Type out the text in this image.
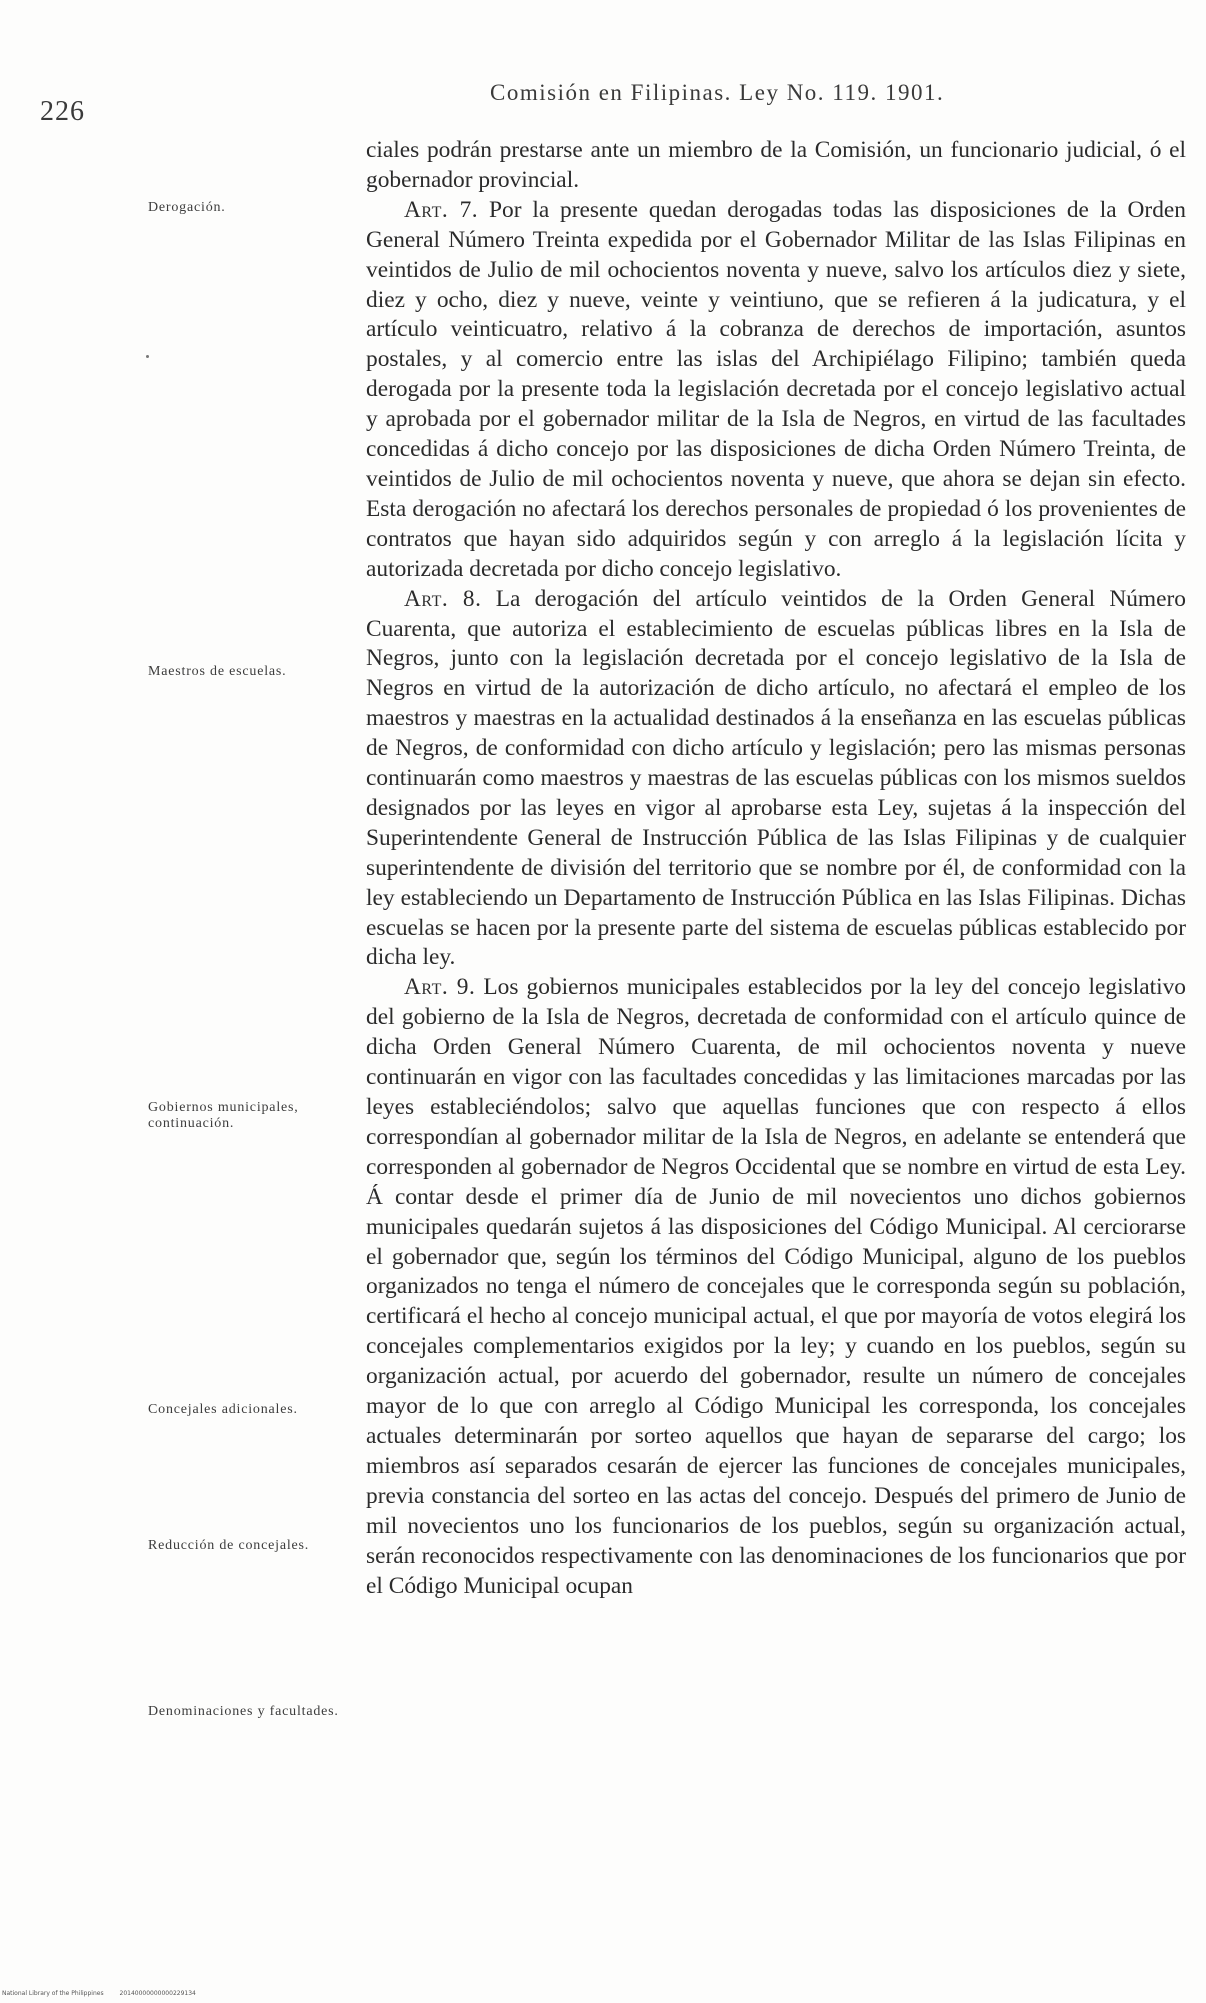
226
Comisión en Filipinas. Ley No. 119. 1901.
Derogación.
Maestros de escuelas.
Gobiernos municipales, continuación.
Concejales adicionales.
Reducción de concejales.
Denominaciones y facultades.

ciales podrán prestarse ante un miembro de la Comisión, un funcionario judicial, ó el gobernador provincial.

Art. 7. Por la presente quedan derogadas todas las disposiciones de la Orden General Número Treinta expedida por el Gobernador Militar de las Islas Filipinas en veintidos de Julio de mil ochocientos noventa y nueve, salvo los artículos diez y siete, diez y ocho, diez y nueve, veinte y veintiuno, que se refieren á la judicatura, y el artículo veinticuatro, relativo á la cobranza de derechos de importación, asuntos postales, y al comercio entre las islas del Archipiélago Filipino; también queda derogada por la presente toda la legislación decretada por el concejo legislativo actual y aprobada por el gobernador militar de la Isla de Negros, en virtud de las facultades concedidas á dicho concejo por las disposiciones de dicha Orden Número Treinta, de veintidos de Julio de mil ochocientos noventa y nueve, que ahora se dejan sin efecto. Esta derogación no afectará los derechos personales de propiedad ó los provenientes de contratos que hayan sido adquiridos según y con arreglo á la legislación lícita y autorizada decretada por dicho concejo legislativo.

Art. 8. La derogación del artículo veintidos de la Orden General Número Cuarenta, que autoriza el establecimiento de escuelas públicas libres en la Isla de Negros, junto con la legislación decretada por el concejo legislativo de la Isla de Negros en virtud de la autorización de dicho artículo, no afectará el empleo de los maestros y maestras en la actualidad destinados á la enseñanza en las escuelas públicas de Negros, de conformidad con dicho artículo y legislación; pero las mismas personas continuarán como maestros y maestras de las escuelas públicas con los mismos sueldos designados por las leyes en vigor al aprobarse esta Ley, sujetas á la inspección del Superintendente General de Instrucción Pública de las Islas Filipinas y de cualquier superintendente de división del territorio que se nombre por él, de conformidad con la ley estableciendo un Departamento de Instrucción Pública en las Islas Filipinas. Dichas escuelas se hacen por la presente parte del sistema de escuelas públicas establecido por dicha ley.

Art. 9. Los gobiernos municipales establecidos por la ley del concejo legislativo del gobierno de la Isla de Negros, decretada de conformidad con el artículo quince de dicha Orden General Número Cuarenta, de mil ochocientos noventa y nueve continuarán en vigor con las facultades concedidas y las limitaciones marcadas por las leyes estableciéndolos; salvo que aquellas funciones que con respecto á ellos correspondían al gobernador militar de la Isla de Negros, en adelante se entenderá que corresponden al gobernador de Negros Occidental que se nombre en virtud de esta Ley. Á contar desde el primer día de Junio de mil novecientos uno dichos gobiernos municipales quedarán sujetos á las disposiciones del Código Municipal. Al cerciorarse el gobernador que, según los términos del Código Municipal, alguno de los pueblos organizados no tenga el número de concejales que le corresponda según su población, certificará el hecho al concejo municipal actual, el que por mayoría de votos elegirá los concejales complementarios exigidos por la ley; y cuando en los pueblos, según su organización actual, por acuerdo del gobernador, resulte un número de concejales mayor de lo que con arreglo al Código Municipal les corresponda, los concejales actuales determinarán por sorteo aquellos que hayan de separarse del cargo; los miembros así separados cesarán de ejercer las funciones de concejales municipales, previa constancia del sorteo en las actas del concejo. Después del primero de Junio de mil novecientos uno los funcionarios de los pueblos, según su organización actual, serán reconocidos respectivamente con las denominaciones de los funcionarios que por el Código Municipal ocupan

National Library of the Philippines	20140000000000229134
